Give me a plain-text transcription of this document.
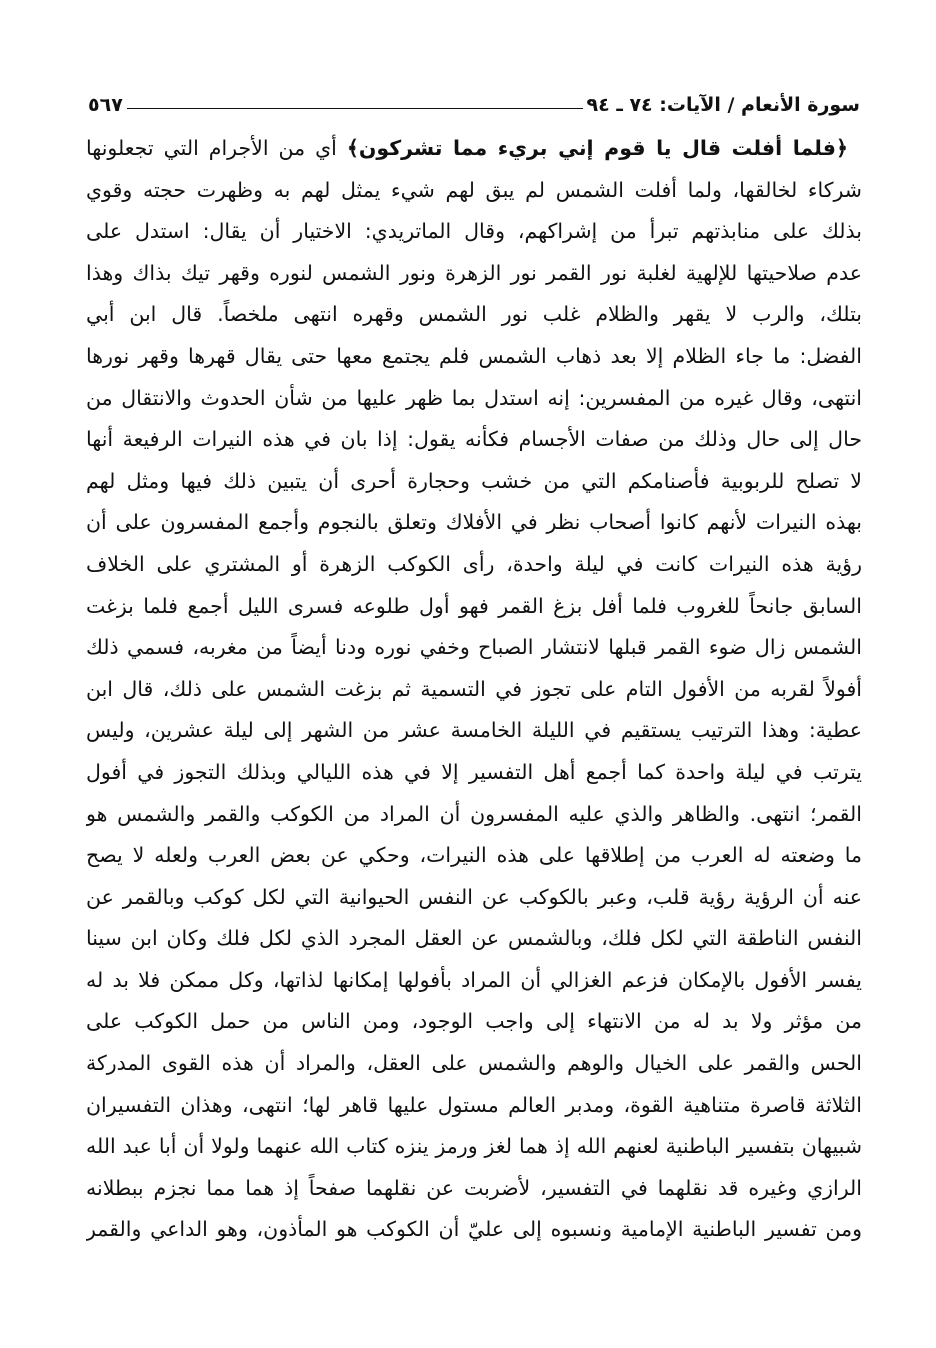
سورة الأنعام / الآيات: ٧٤ ـ ٩٤
٥٦٧
﴿فلما أفلت قال يا قوم إني بريء مما تشركون﴾ أي من الأجرام التي تجعلونها
شركاء لخالقها، ولما أفلت الشمس لم يبق لهم شيء يمثل لهم به وظهرت حجته وقوي
بذلك على منابذتهم تبرأ من إشراكهم، وقال الماتريدي: الاختيار أن يقال: استدل على
عدم صلاحيتها للإلهية لغلبة نور القمر نور الزهرة ونور الشمس لنوره وقهر تيك بذاك وهذا
بتلك، والرب لا يقهر والظلام غلب نور الشمس وقهره انتهى ملخصاً. قال ابن أبي
الفضل: ما جاء الظلام إلا بعد ذهاب الشمس فلم يجتمع معها حتى يقال قهرها وقهر نورها
انتهى، وقال غيره من المفسرين: إنه استدل بما ظهر عليها من شأن الحدوث والانتقال من
حال إلى حال وذلك من صفات الأجسام فكأنه يقول: إذا بان في هذه النيرات الرفيعة أنها
لا تصلح للربوبية فأصنامكم التي من خشب وحجارة أحرى أن يتبين ذلك فيها ومثل لهم
بهذه النيرات لأنهم كانوا أصحاب نظر في الأفلاك وتعلق بالنجوم وأجمع المفسرون على أن
رؤية هذه النيرات كانت في ليلة واحدة، رأى الكوكب الزهرة أو المشتري على الخلاف
السابق جانحاً للغروب فلما أفل بزغ القمر فهو أول طلوعه فسرى الليل أجمع فلما بزغت
الشمس زال ضوء القمر قبلها لانتشار الصباح وخفي نوره ودنا أيضاً من مغربه، فسمي ذلك
أفولاً لقربه من الأفول التام على تجوز في التسمية ثم بزغت الشمس على ذلك، قال ابن
عطية: وهذا الترتيب يستقيم في الليلة الخامسة عشر من الشهر إلى ليلة عشرين، وليس
يترتب في ليلة واحدة كما أجمع أهل التفسير إلا في هذه الليالي وبذلك التجوز في أفول
القمر؛ انتهى. والظاهر والذي عليه المفسرون أن المراد من الكوكب والقمر والشمس هو
ما وضعته له العرب من إطلاقها على هذه النيرات، وحكي عن بعض العرب ولعله لا يصح
عنه أن الرؤية رؤية قلب، وعبر بالكوكب عن النفس الحيوانية التي لكل كوكب وبالقمر عن
النفس الناطقة التي لكل فلك، وبالشمس عن العقل المجرد الذي لكل فلك وكان ابن سينا
يفسر الأفول بالإمكان فزعم الغزالي أن المراد بأفولها إمكانها لذاتها، وكل ممكن فلا بد له
من مؤثر ولا بد له من الانتهاء إلى واجب الوجود، ومن الناس من حمل الكوكب على
الحس والقمر على الخيال والوهم والشمس على العقل، والمراد أن هذه القوى المدركة
الثلاثة قاصرة متناهية القوة، ومدبر العالم مستول عليها قاهر لها؛ انتهى، وهذان التفسيران
شبيهان بتفسير الباطنية لعنهم الله إذ هما لغز ورمز ينزه كتاب الله عنهما ولولا أن أبا عبد الله
الرازي وغيره قد نقلهما في التفسير، لأضربت عن نقلهما صفحاً إذ هما مما نجزم ببطلانه
ومن تفسير الباطنية الإمامية ونسبوه إلى عليّ أن الكوكب هو المأذون، وهو الداعي والقمر
